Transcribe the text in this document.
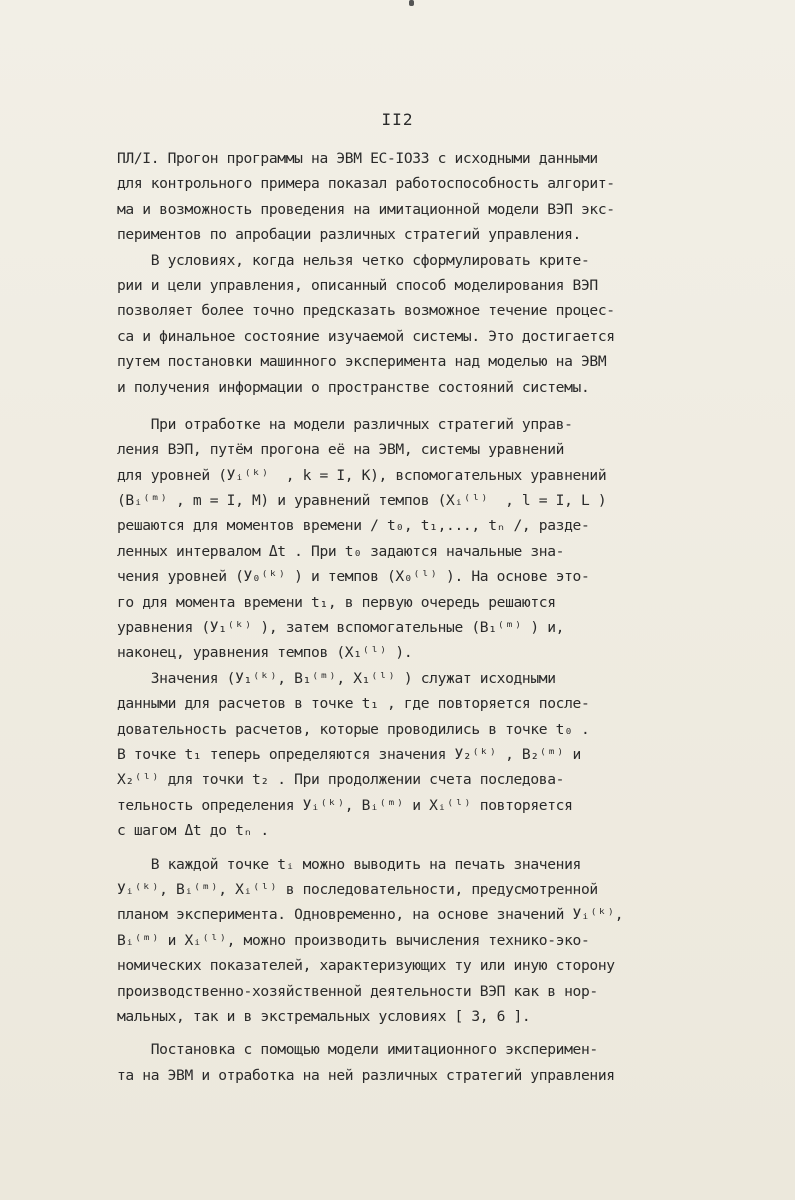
II2
ПЛ/I. Прогон программы на ЭВМ ЕС-IO33 с исходными данными
для контрольного примера показал работоспособность алгорит-
ма и возможность проведения на имитационной модели ВЭП экс-
периментов по апробации различных стратегий управления.
В условиях, когда нельзя четко сформулировать крите-
рии и цели управления, описанный способ моделирования ВЭП
позволяет более точно предсказать возможное течение процес-
са и финальное состояние изучаемой системы. Это достигается
путем постановки машинного эксперимента над моделью на ЭВМ
и получения информации о пространстве состояний системы.
При отработке на модели различных стратегий управ-
ления ВЭП, путём прогона её на ЭВМ, системы уравнений
для уровней (Уᵢ⁽ᵏ⁾  , k = I, K), вспомогательных уравнений
(Вᵢ⁽ᵐ⁾ , m = I, M) и уравнений темпов (Хᵢ⁽ˡ⁾  , l = I, L )
решаются для моментов времени / t₀, t₁,..., tₙ /, разде-
ленных интервалом Δt . При t₀ задаются начальные зна-
чения уровней (У₀⁽ᵏ⁾ ) и темпов (Х₀⁽ˡ⁾ ). На основе это-
го для момента времени t₁, в первую очередь решаются
уравнения (У₁⁽ᵏ⁾ ), затем вспомогательные (В₁⁽ᵐ⁾ ) и,
наконец, уравнения темпов (Х₁⁽ˡ⁾ ).
Значения (У₁⁽ᵏ⁾, В₁⁽ᵐ⁾, Х₁⁽ˡ⁾ ) служат исходными
данными для расчетов в точке t₁ , где повторяется после-
довательность расчетов, которые проводились в точке t₀ .
В точке t₁ теперь определяются значения У₂⁽ᵏ⁾ , В₂⁽ᵐ⁾ и
Х₂⁽ˡ⁾ для точки t₂ . При продолжении счета последова-
тельность определения Уᵢ⁽ᵏ⁾, Вᵢ⁽ᵐ⁾ и Хᵢ⁽ˡ⁾ повторяется
с шагом Δt до tₙ .
В каждой точке tᵢ можно выводить на печать значения
Уᵢ⁽ᵏ⁾, Вᵢ⁽ᵐ⁾, Хᵢ⁽ˡ⁾ в последовательности, предусмотренной
планом эксперимента. Одновременно, на основе значений Уᵢ⁽ᵏ⁾,
Вᵢ⁽ᵐ⁾ и Хᵢ⁽ˡ⁾, можно производить вычисления технико-эко-
номических показателей, характеризующих ту или иную сторону
производственно-хозяйственной деятельности ВЭП как в нор-
мальных, так и в экстремальных условиях [ 3, 6 ].
Постановка с помощью модели имитационного эксперимен-
та на ЭВМ и отработка на ней различных стратегий управления
